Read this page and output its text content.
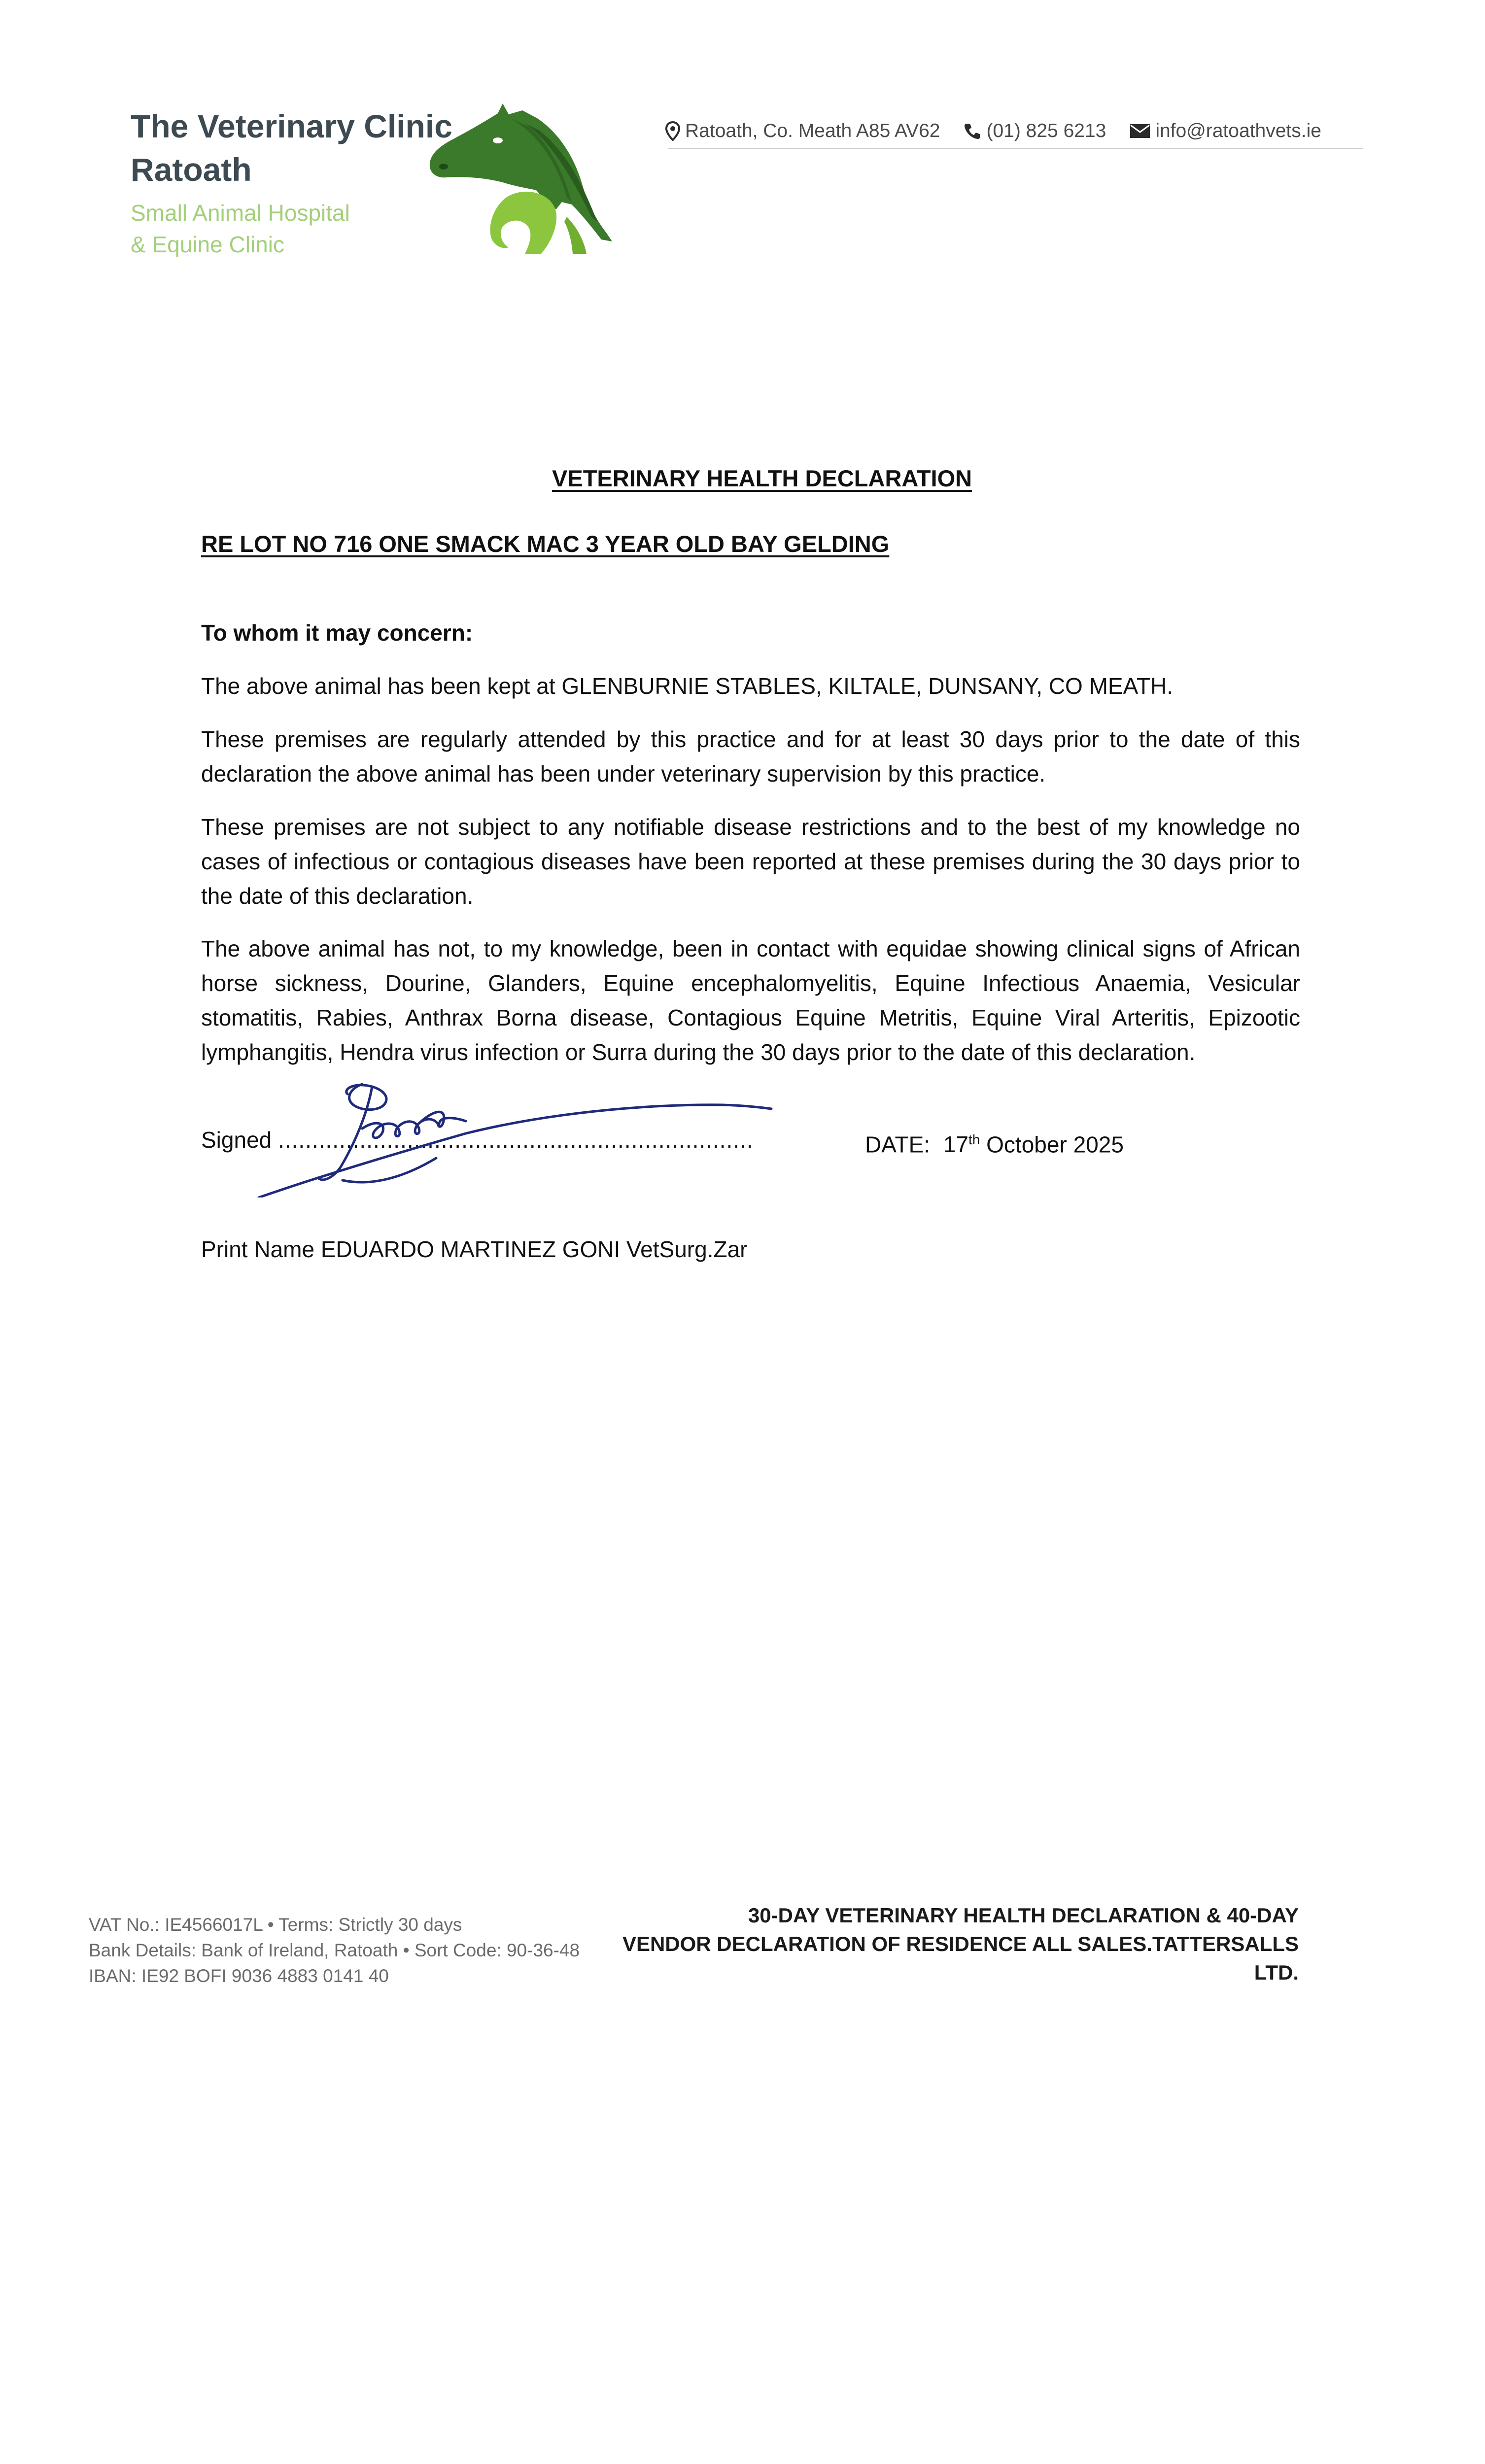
The Veterinary Clinic
Ratoath
Small Animal Hospital
& Equine Clinic
Ratoath, Co. Meath A85 AV62 (01) 825 6213	info@ratoathvets.ie
VETERINARY HEALTH DECLARATION
RE LOT NO 716 ONE SMACK MAC 3 YEAR OLD BAY GELDING
To whom it may concern:
The above animal has been kept at GLENBURNIE STABLES, KILTALE, DUNSANY, CO MEATH.
These premises are regularly attended by this practice and for at least 30 days prior to the date of this declaration the above animal has been under veterinary supervision by this practice.
These premises are not subject to any notifiable disease restrictions and to the best of my knowledge no cases of infectious or contagious diseases have been reported at these premises during the 30 days prior to the date of this declaration.
The above animal has not, to my knowledge, been in contact with equidae showing clinical signs of African horse sickness, Dourine, Glanders, Equine encephalomyelitis, Equine Infectious Anaemia, Vesicular stomatitis, Rabies, Anthrax Borna disease, Contagious Equine Metritis, Equine Viral Arteritis, Epizootic lymphangitis, Hendra virus infection or Surra during the 30 days prior to the date of this declaration.
Signed ......................................................................	DATE: 17th October 2025
Print Name EDUARDO MARTINEZ GONI VetSurg.Zar
VAT No.: IE4566017L • Terms: Strictly 30 days
Bank Details: Bank of Ireland, Ratoath • Sort Code: 90-36-48
IBAN: IE92 BOFI 9036 4883 0141 40
30-DAY VETERINARY HEALTH DECLARATION & 40-DAY
VENDOR DECLARATION OF RESIDENCE ALL SALES.TATTERSALLS LTD.
